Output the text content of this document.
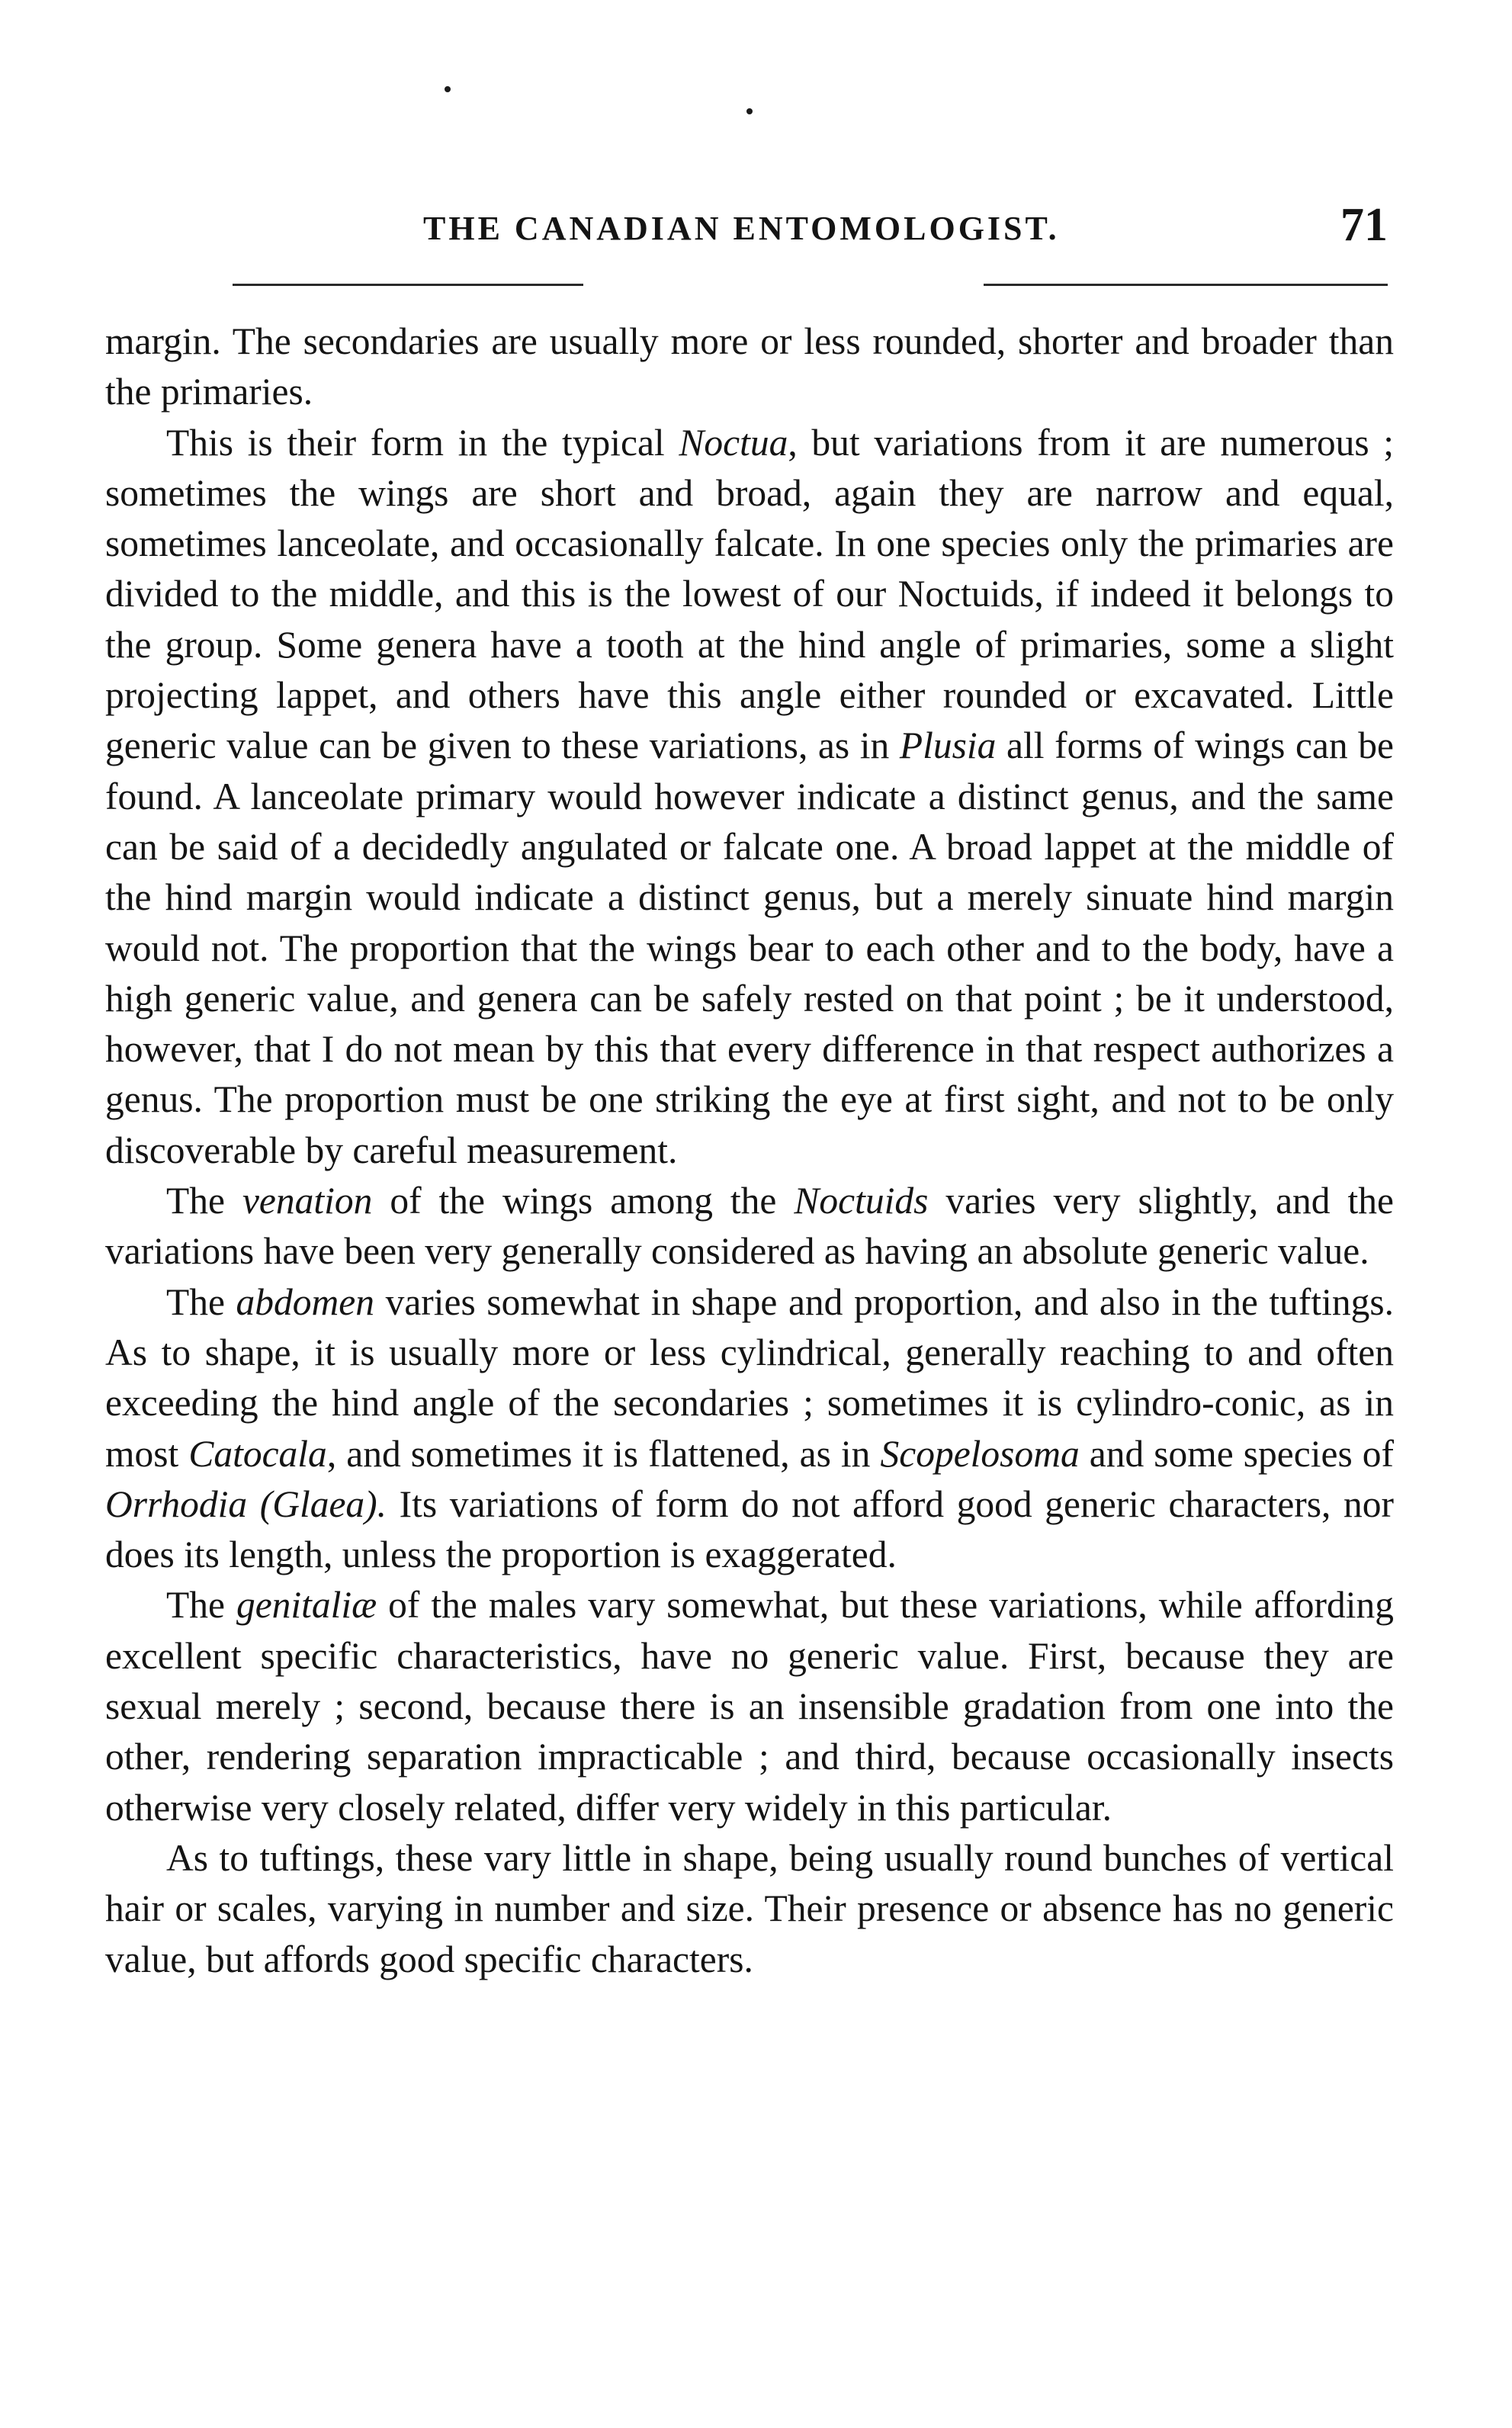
THE CANADIAN ENTOMOLOGIST.	71

margin. The secondaries are usually more or less rounded, shorter and broader than the primaries.

This is their form in the typical Noctua, but variations from it are numerous ; sometimes the wings are short and broad, again they are narrow and equal, sometimes lanceolate, and occasionally falcate. In one species only the primaries are divided to the middle, and this is the lowest of our Noctuids, if indeed it belongs to the group. Some genera have a tooth at the hind angle of primaries, some a slight projecting lappet, and others have this angle either rounded or excavated. Little generic value can be given to these variations, as in Plusia all forms of wings can be found. A lanceolate primary would however indicate a distinct genus, and the same can be said of a decidedly angulated or falcate one. A broad lappet at the middle of the hind margin would indicate a distinct genus, but a merely sinuate hind margin would not. The proportion that the wings bear to each other and to the body, have a high generic value, and genera can be safely rested on that point ; be it understood, however, that I do not mean by this that every difference in that respect authorizes a genus. The proportion must be one striking the eye at first sight, and not to be only discoverable by careful measurement.

The venation of the wings among the Noctuids varies very slightly, and the variations have been very generally considered as having an absolute generic value.

The abdomen varies somewhat in shape and proportion, and also in the tuftings. As to shape, it is usually more or less cylindrical, generally reaching to and often exceeding the hind angle of the secondaries ; sometimes it is cylindro-conic, as in most Catocala, and sometimes it is flattened, as in Scopelosoma and some species of Orrhodia (Glaea). Its variations of form do not afford good generic characters, nor does its length, unless the proportion is exaggerated.

The genitaliæ of the males vary somewhat, but these variations, while affording excellent specific characteristics, have no generic value. First, because they are sexual merely ; second, because there is an insensible gradation from one into the other, rendering separation impracticable ; and third, because occasionally insects otherwise very closely related, differ very widely in this particular.

As to tuftings, these vary little in shape, being usually round bunches of vertical hair or scales, varying in number and size. Their presence or absence has no generic value, but affords good specific characters.
